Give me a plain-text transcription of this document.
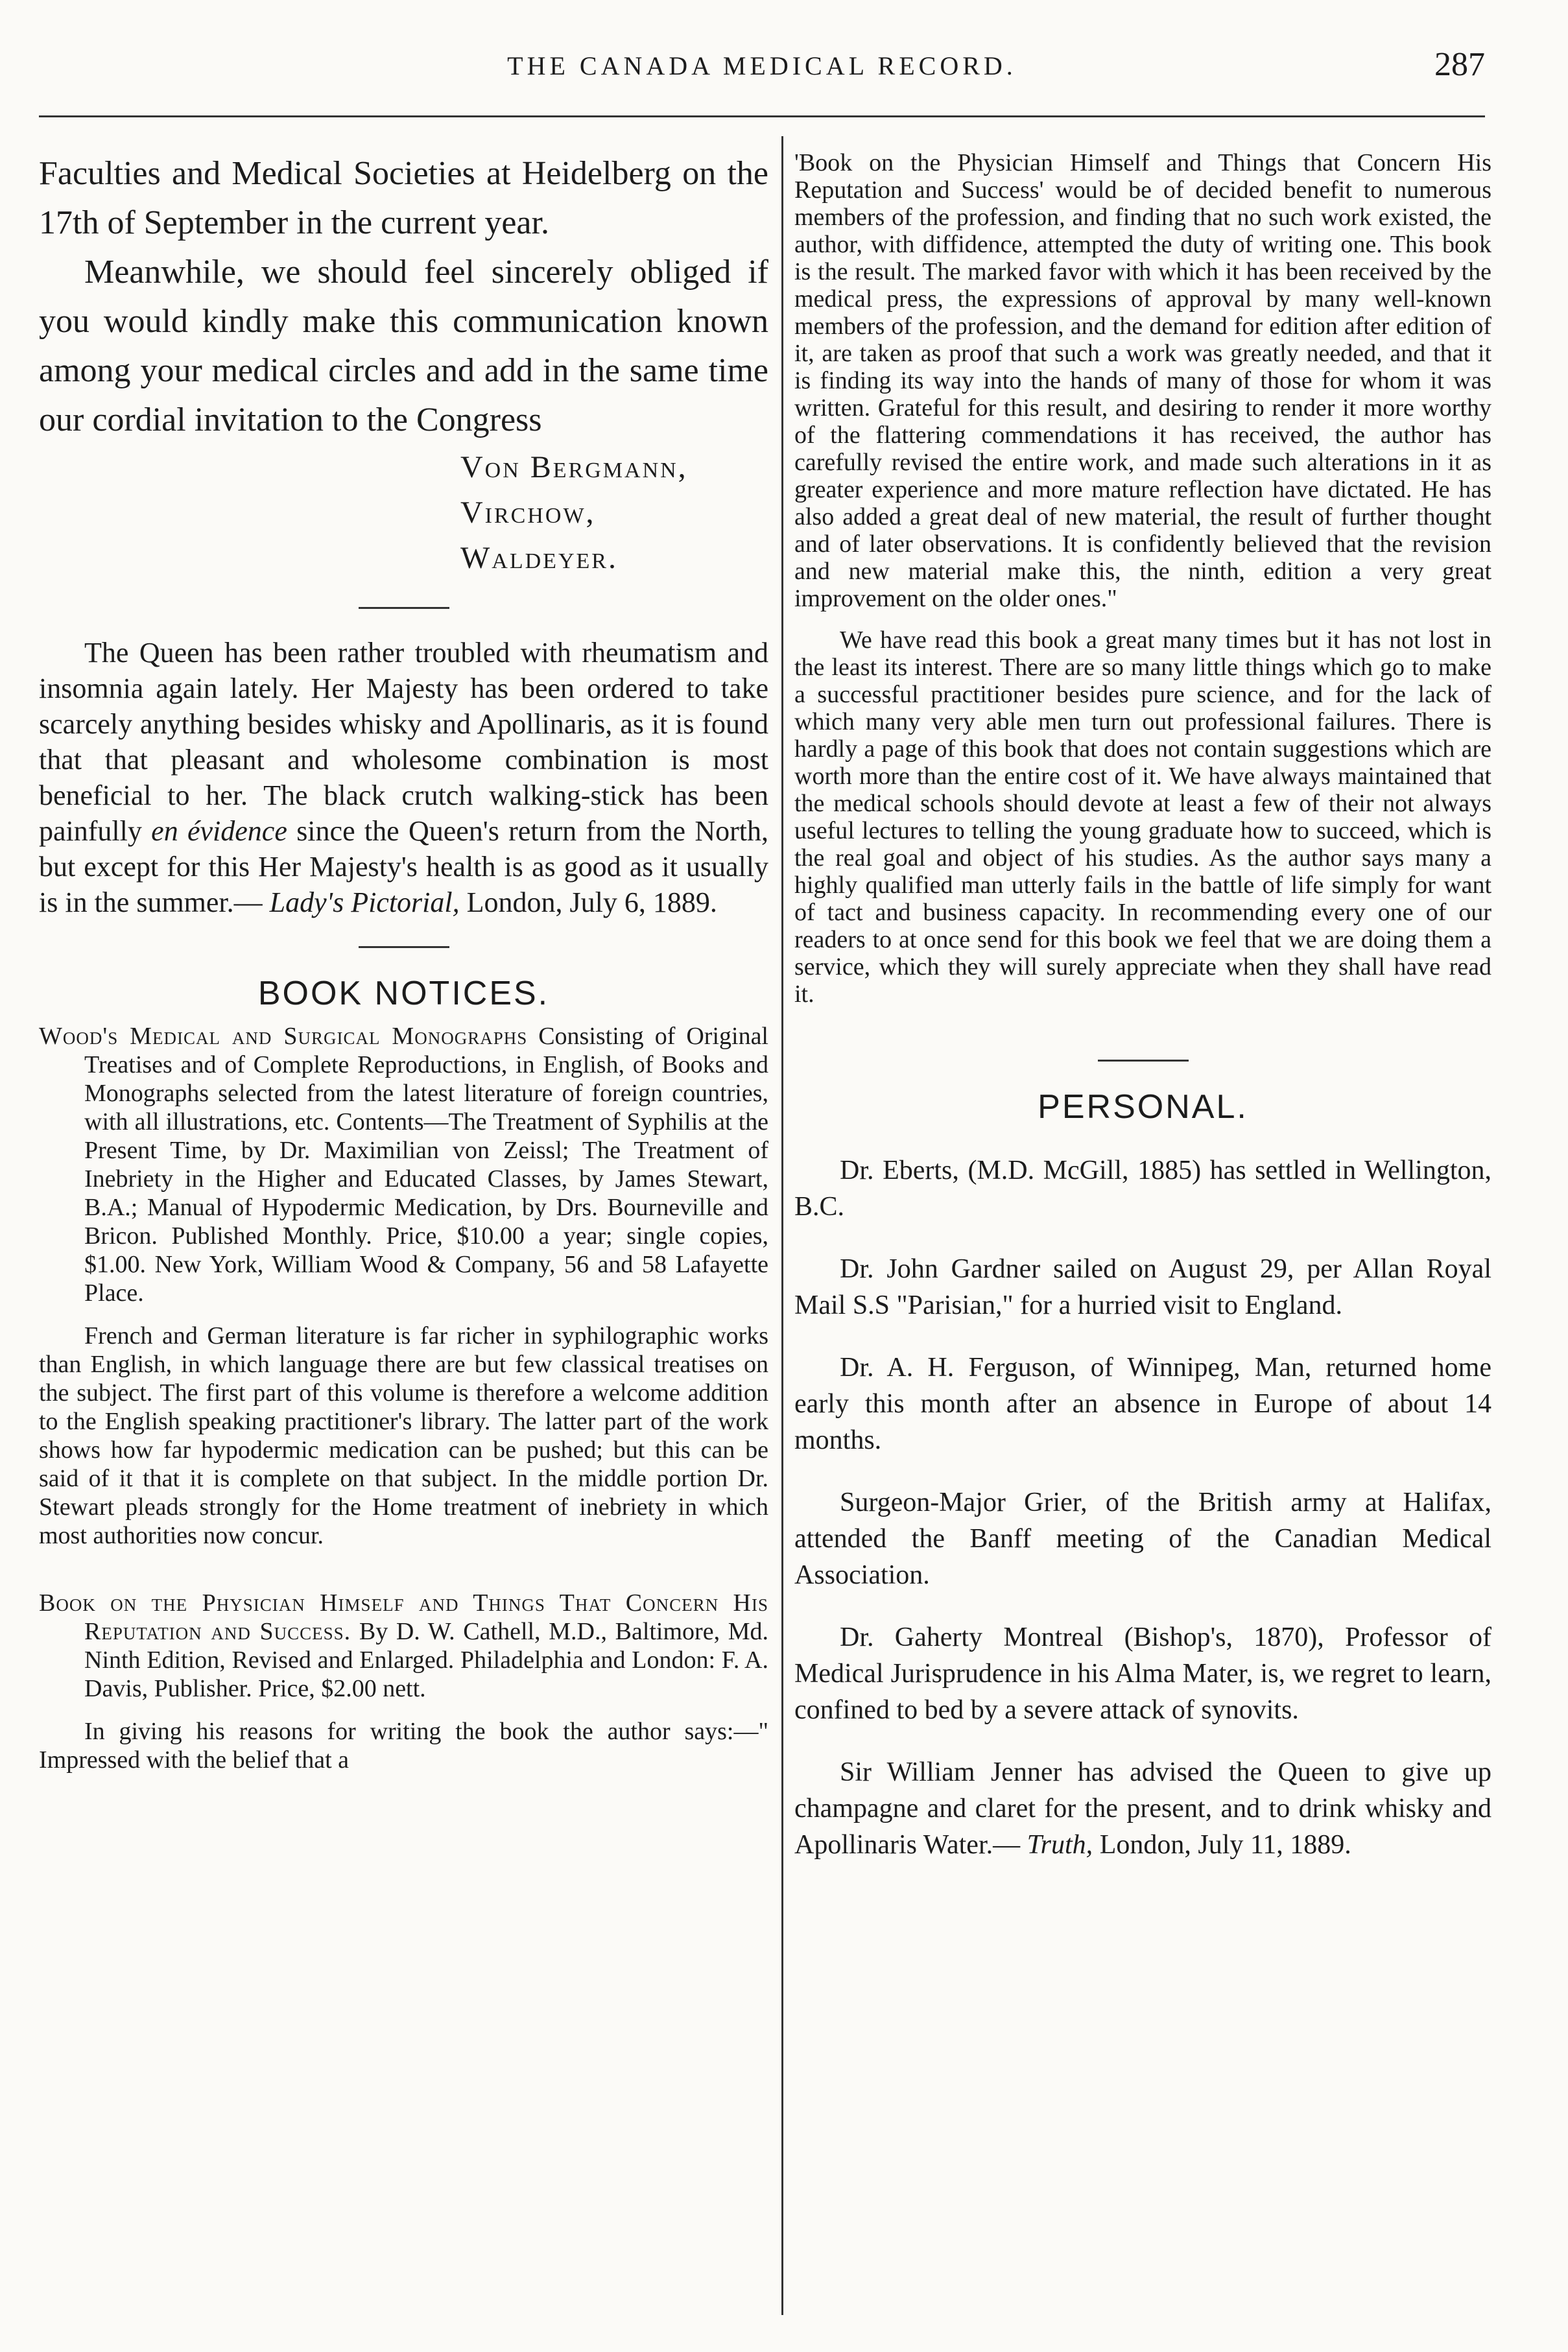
THE CANADA MEDICAL RECORD.	287

Faculties and Medical Societies at Heidelberg on the 17th of September in the current year.

Meanwhile, we should feel sincerely obliged if you would kindly make this communication known among your medical circles and add in the same time our cordial invitation to the Congress

Von Bergmann,
Virchow,
Waldeyer.

The Queen has been rather troubled with rheumatism and insomnia again lately. Her Majesty has been ordered to take scarcely anything besides whisky and Apollinaris, as it is found that that pleasant and wholesome combination is most beneficial to her. The black crutch walking-stick has been painfully en évidence since the Queen's return from the North, but except for this Her Majesty's health is as good as it usually is in the summer.— Lady's Pictorial, London, July 6, 1889.

BOOK NOTICES.

Wood's Medical and Surgical Monographs Consisting of Original Treatises and of Complete Reproductions, in English, of Books and Monographs selected from the latest literature of foreign countries, with all illustrations, etc. Contents—The Treatment of Syphilis at the Present Time, by Dr. Maximilian von Zeissl; The Treatment of Inebriety in the Higher and Educated Classes, by James Stewart, B.A.; Manual of Hypodermic Medication, by Drs. Bourneville and Bricon. Published Monthly. Price, $10.00 a year; single copies, $1.00. New York, William Wood & Company, 56 and 58 Lafayette Place.

French and German literature is far richer in syphilographic works than English, in which language there are but few classical treatises on the subject. The first part of this volume is therefore a welcome addition to the English speaking practitioner's library. The latter part of the work shows how far hypodermic medication can be pushed; but this can be said of it that it is complete on that subject. In the middle portion Dr. Stewart pleads strongly for the Home treatment of inebriety in which most authorities now concur.

Book on the Physician Himself and Things That Concern His Reputation and Success. By D. W. Cathell, M.D., Baltimore, Md. Ninth Edition, Revised and Enlarged. Philadelphia and London: F. A. Davis, Publisher. Price, $2.00 nett.

In giving his reasons for writing the book the author says:—" Impressed with the belief that a

'Book on the Physician Himself and Things that Concern His Reputation and Success' would be of decided benefit to numerous members of the profession, and finding that no such work existed, the author, with diffidence, attempted the duty of writing one. This book is the result. The marked favor with which it has been received by the medical press, the expressions of approval by many well-known members of the profession, and the demand for edition after edition of it, are taken as proof that such a work was greatly needed, and that it is finding its way into the hands of many of those for whom it was written. Grateful for this result, and desiring to render it more worthy of the flattering commendations it has received, the author has carefully revised the entire work, and made such alterations in it as greater experience and more mature reflection have dictated. He has also added a great deal of new material, the result of further thought and of later observations. It is confidently believed that the revision and new material make this, the ninth, edition a very great improvement on the older ones."

We have read this book a great many times but it has not lost in the least its interest. There are so many little things which go to make a successful practitioner besides pure science, and for the lack of which many very able men turn out professional failures. There is hardly a page of this book that does not contain suggestions which are worth more than the entire cost of it. We have always maintained that the medical schools should devote at least a few of their not always useful lectures to telling the young graduate how to succeed, which is the real goal and object of his studies. As the author says many a highly qualified man utterly fails in the battle of life simply for want of tact and business capacity. In recommending every one of our readers to at once send for this book we feel that we are doing them a service, which they will surely appreciate when they shall have read it.

PERSONAL.

Dr. Eberts, (M.D. McGill, 1885) has settled in Wellington, B.C.

Dr. John Gardner sailed on August 29, per Allan Royal Mail S.S "Parisian," for a hurried visit to England.

Dr. A. H. Ferguson, of Winnipeg, Man, returned home early this month after an absence in Europe of about 14 months.

Surgeon-Major Grier, of the British army at Halifax, attended the Banff meeting of the Canadian Medical Association.

Dr. Gaherty Montreal (Bishop's, 1870), Professor of Medical Jurisprudence in his Alma Mater, is, we regret to learn, confined to bed by a severe attack of synovits.

Sir William Jenner has advised the Queen to give up champagne and claret for the present, and to drink whisky and Apollinaris Water.— Truth, London, July 11, 1889.
